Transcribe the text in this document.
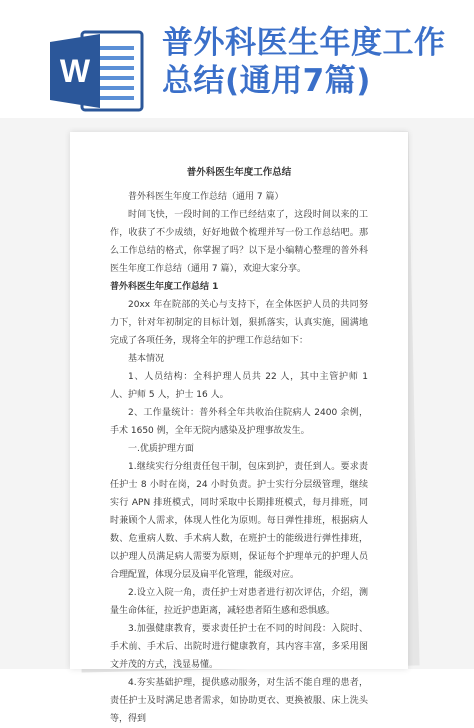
W
普外科医生年度工作总结(通用7篇)
普外科医生年度工作总结

普外科医生年度工作总结（通用 7 篇）

时间飞快，一段时间的工作已经结束了，这段时间以来的工作，收获了不少成绩，好好地做个梳理并写一份工作总结吧。那么工作总结的格式，你掌握了吗？以下是小编精心整理的普外科医生年度工作总结（通用 7 篇），欢迎大家分享。

普外科医生年度工作总结 1

20xx 年在院部的关心与支持下，在全体医护人员的共同努力下，针对年初制定的目标计划，狠抓落实，认真实施，圆满地完成了各项任务，现将全年的护理工作总结如下：

基本情况

1、人员结构：全科护理人员共 22 人，其中主管护师 1 人、护师 5 人，护士 16 人。

2、工作量统计：普外科全年共收治住院病人 2400 余例，手术 1650 例，全年无院内感染及护理事故发生。

一.优质护理方面

1.继续实行分组责任包干制，包床到护，责任到人。要求责任护士 8 小时在岗，24 小时负责。护士实行分层级管理，继续实行 APN 排班模式，同时采取中长期排班模式，每月排班，同时兼顾个人需求，体现人性化为原则。每日弹性排班，根据病人数、危重病人数、手术病人数，在班护士的能级进行弹性排班，以护理人员满足病人需要为原则，保证每个护理单元的护理人员合理配置，体现分层及扁平化管理，能级对应。

2.设立入院一角，责任护士对患者进行初次评估，介绍，测量生命体征，拉近护患距离，减轻患者陌生感和恐惧感。

3.加强健康教育，要求责任护士在不同的时间段：入院时、手术前、手术后、出院时进行健康教育，其内容丰富，多采用图文并茂的方式，浅显易懂。

4.夯实基础护理，提供感动服务，对生活不能自理的患者，责任护士及时满足患者需求，如协助更衣、更换被服、床上洗头等，得到
